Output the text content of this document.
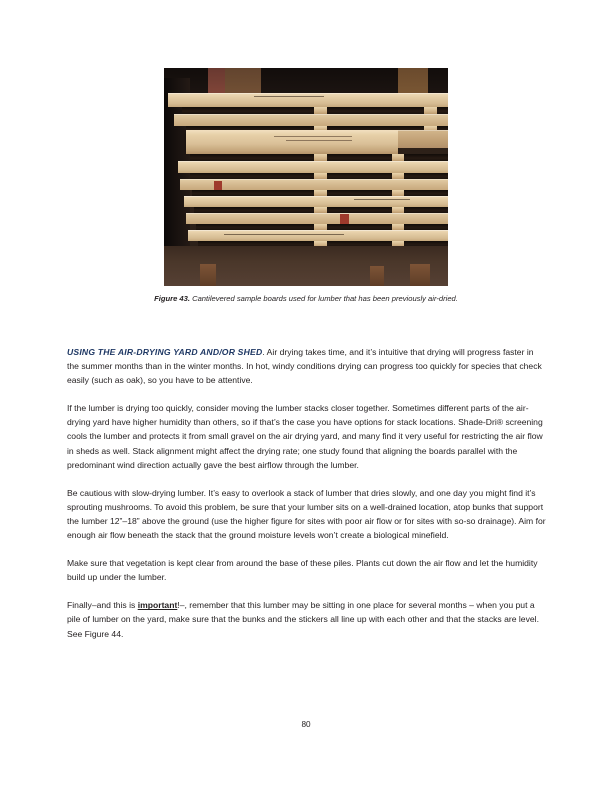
Figure 43. Cantilevered sample boards used for lumber that has been previously air-dried.

USING THE AIR-DRYING YARD AND/OR SHED. Air drying takes time, and it’s intuitive that drying will progress faster in the summer months than in the winter months. In hot, windy conditions drying can progress too quickly for species that check easily (such as oak), so you have to be attentive.

If the lumber is drying too quickly, consider moving the lumber stacks closer together. Sometimes different parts of the air-drying yard have higher humidity than others, so if that’s the case you have options for stack locations. Shade-Dri® screening cools the lumber and protects it from small gravel on the air drying yard, and many find it very useful for restricting the air flow in sheds as well. Stack alignment might affect the drying rate; one study found that aligning the boards parallel with the predominant wind direction actually gave the best airflow through the lumber.

Be cautious with slow-drying lumber. It’s easy to overlook a stack of lumber that dries slowly, and one day you might find it’s sprouting mushrooms. To avoid this problem, be sure that your lumber sits on a well-drained location, atop bunks that support the lumber 12”–18” above the ground (use the higher figure for sites with poor air flow or for sites with so-so drainage). Aim for enough air flow beneath the stack that the ground moisture levels won’t create a biological minefield.

Make sure that vegetation is kept clear from around the base of these piles. Plants cut down the air flow and let the humidity build up under the lumber.

Finally–and this is important!–, remember that this lumber may be sitting in one place for several months – when you put a pile of lumber on the yard, make sure that the bunks and the stickers all line up with each other and that the stacks are level. See Figure 44.

80
